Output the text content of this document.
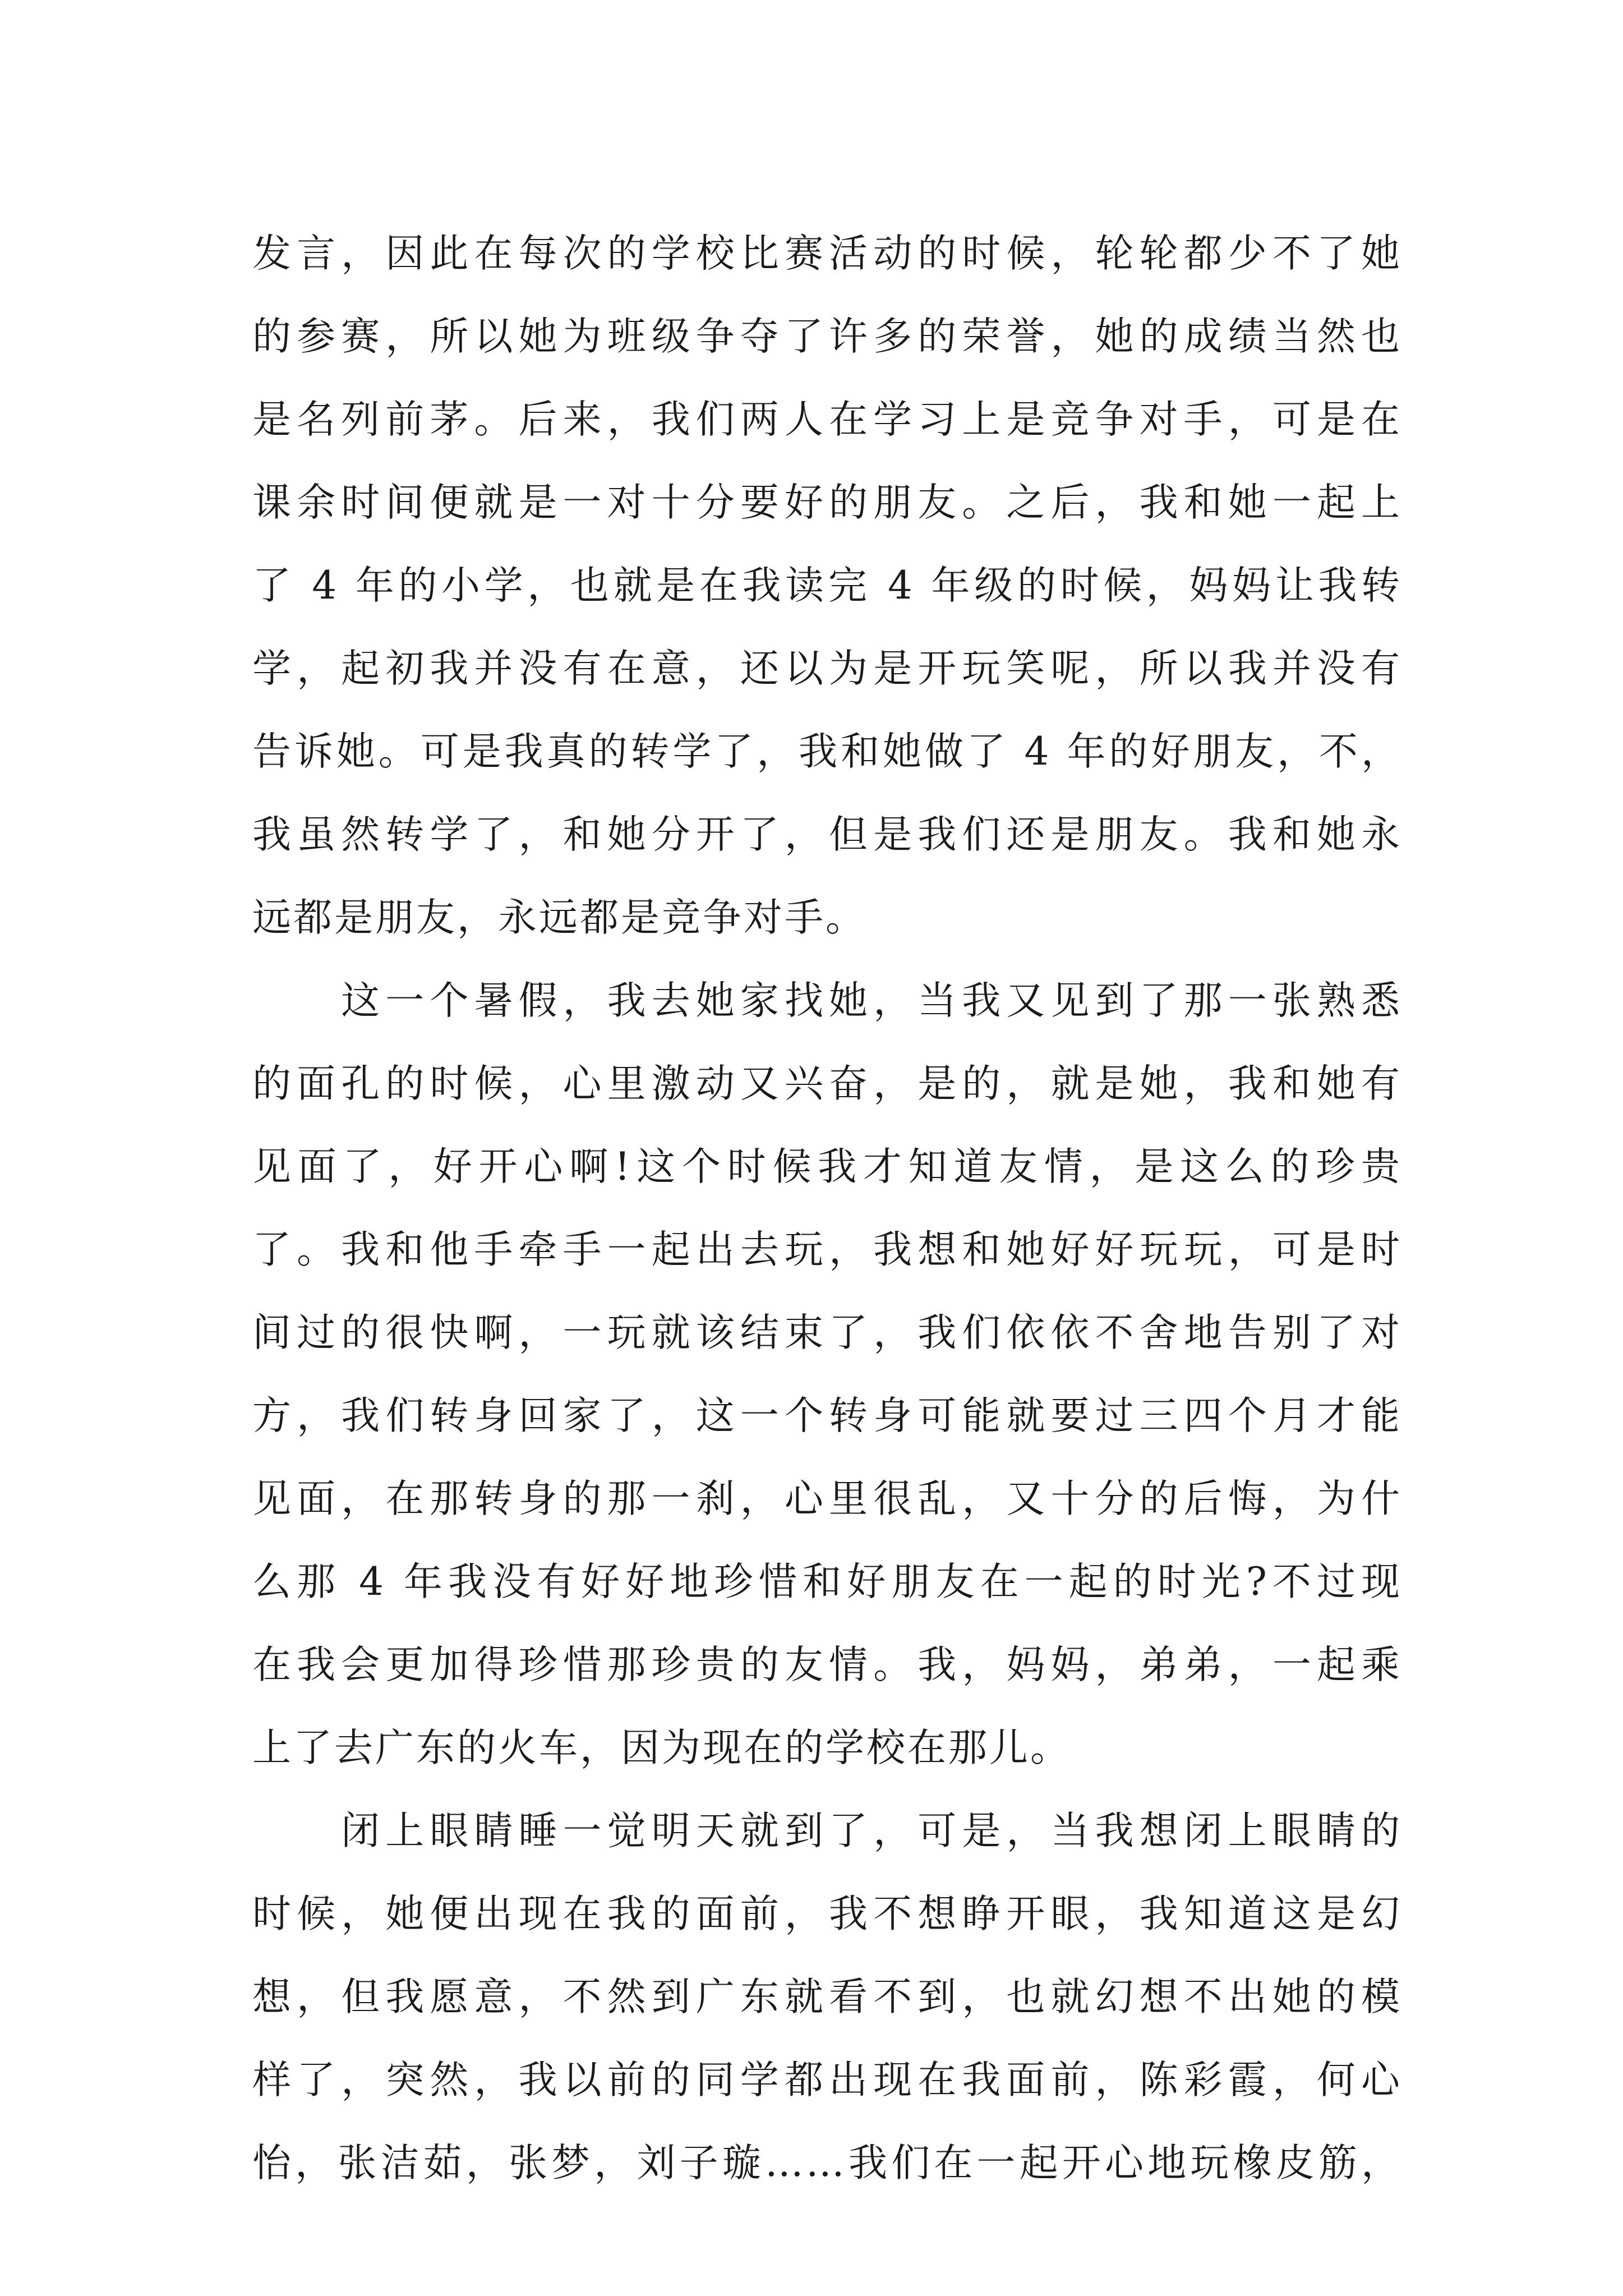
发言，因此在每次的学校比赛活动的时候，轮轮都少不了她
的参赛，所以她为班级争夺了许多的荣誉，她的成绩当然也
是名列前茅。后来，我们两人在学习上是竞争对手，可是在
课余时间便就是一对十分要好的朋友。之后，我和她一起上
了 4 年的小学，也就是在我读完 4 年级的时候，妈妈让我转
学，起初我并没有在意，还以为是开玩笑呢，所以我并没有
告诉她。可是我真的转学了，我和她做了 4 年的好朋友，不，
我虽然转学了，和她分开了，但是我们还是朋友。我和她永
远都是朋友，永远都是竞争对手。
　　这一个暑假，我去她家找她，当我又见到了那一张熟悉
的面孔的时候，心里激动又兴奋，是的，就是她，我和她有
见面了，好开心啊!这个时候我才知道友情，是这么的珍贵
了。我和他手牵手一起出去玩，我想和她好好玩玩，可是时
间过的很快啊，一玩就该结束了，我们依依不舍地告别了对
方，我们转身回家了，这一个转身可能就要过三四个月才能
见面，在那转身的那一刹，心里很乱，又十分的后悔，为什
么那 4 年我没有好好地珍惜和好朋友在一起的时光?不过现
在我会更加得珍惜那珍贵的友情。我，妈妈，弟弟，一起乘
上了去广东的火车，因为现在的学校在那儿。
　　闭上眼睛睡一觉明天就到了，可是，当我想闭上眼睛的
时候，她便出现在我的面前，我不想睁开眼，我知道这是幻
想，但我愿意，不然到广东就看不到，也就幻想不出她的模
样了，突然，我以前的同学都出现在我面前，陈彩霞，何心
怡，张洁茹，张梦，刘子璇……我们在一起开心地玩橡皮筋，
